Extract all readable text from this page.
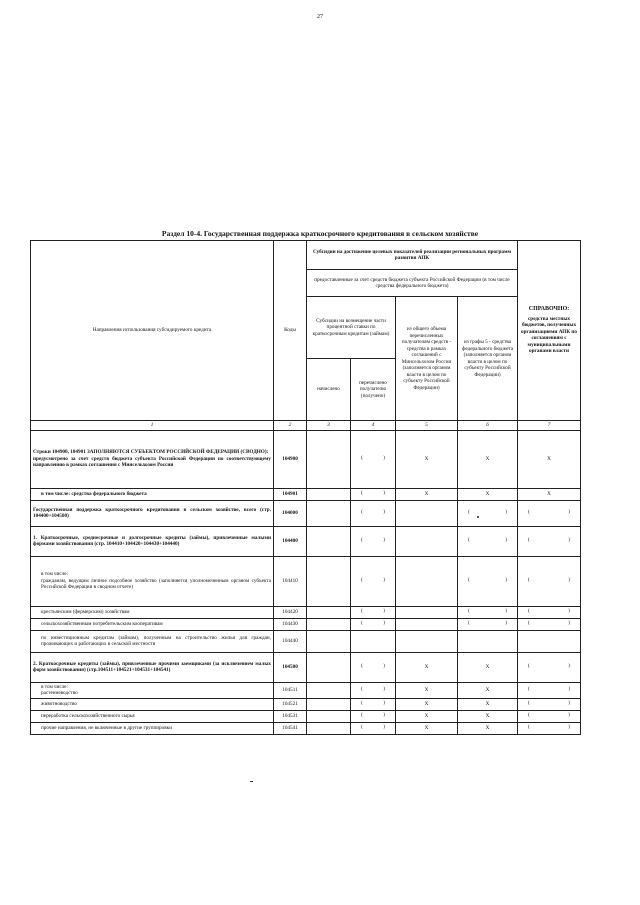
27
Раздел 10-4. Государственная поддержка краткосрочного кредитования в сельском хозяйстве
Направления использования субсидируемого кредита	Коды	Субсидии на достижение целевых показателей реализации региональных программ развития АПК				СПРАВОЧНО:
средства местных бюджетов, полученных организациями АПК по соглашениям с муниципальными органами власти

		предоставленные за счет средств бюджета субъекта Российской Федерации (в том числе средства федерального бюджета)				
		Субсидии на возмещение части процентной ставки по краткосрочным кредитам (займам)		из общего объема перечисленных получателям средств - средства в рамках соглашений с Минсельхозом России (заполняется органом власти в целом по субъекту Российской Федерации)	из графы 5 - средства федерального бюджета (заполняется органом власти в целом по субъекту Российской Федерации)	
		начислено	перечислено получателю (получено)			
1	2	3	4	5	6	7

Строки 104900, 104901 ЗАПОЛНЯЮТСЯ СУБЪЕКТОМ РОССИЙСКОЙ ФЕДЕРАЦИИ (СВОДНО):
предусмотрено за счет средств бюджета субъекта Российской Федерации по соответствующему направлению в рамках соглашения с Минсельхозом России	104900		( )	X	X	X

в том числе: средства федерального бюджета	104901		( )	X	X	X

Государственная поддержка краткосрочного кредитования в сельском хозяйстве, всего (стр. 104400+104500)	104000		( )		( )	( )

1. Краткосрочные, среднесрочные и долгосрочные кредиты (займы), привлеченные малыми формами хозяйствования (стр. 104410+104420+104430+104440)	104400		( )		( )	( )

в том числе:
гражданам, ведущим личное подсобное хозяйство (заполняется уполномоченным органом субъекта Российской Федерации в сводном отчете)	104410		( )		( )	( )

крестьянским (фермерским) хозяйствам	104420		( )		( )	( )

сельскохозяйственным потребительским кооперативам	104430		( )		( )	( )

по инвестиционным кредитам (займам), полученным на строительство жилья для граждан, проживающих и работающих в сельской местности	104440					

2. Краткосрочные кредиты (займы), привлеченные прочими заемщиками (за исключением малых форм хозяйствования) (стр.104511+104521+104531+104541)	104500		( )	X	X	( )

в том числе:
растениеводство	104511		( )	X	X	( )

животноводство	104521		( )	X	X	( )

переработка сельскохозяйственного сырья	104531		( )	X	X	( )

прочие направления, не включенные в другие группировки	104541		( )	X	X	( )
